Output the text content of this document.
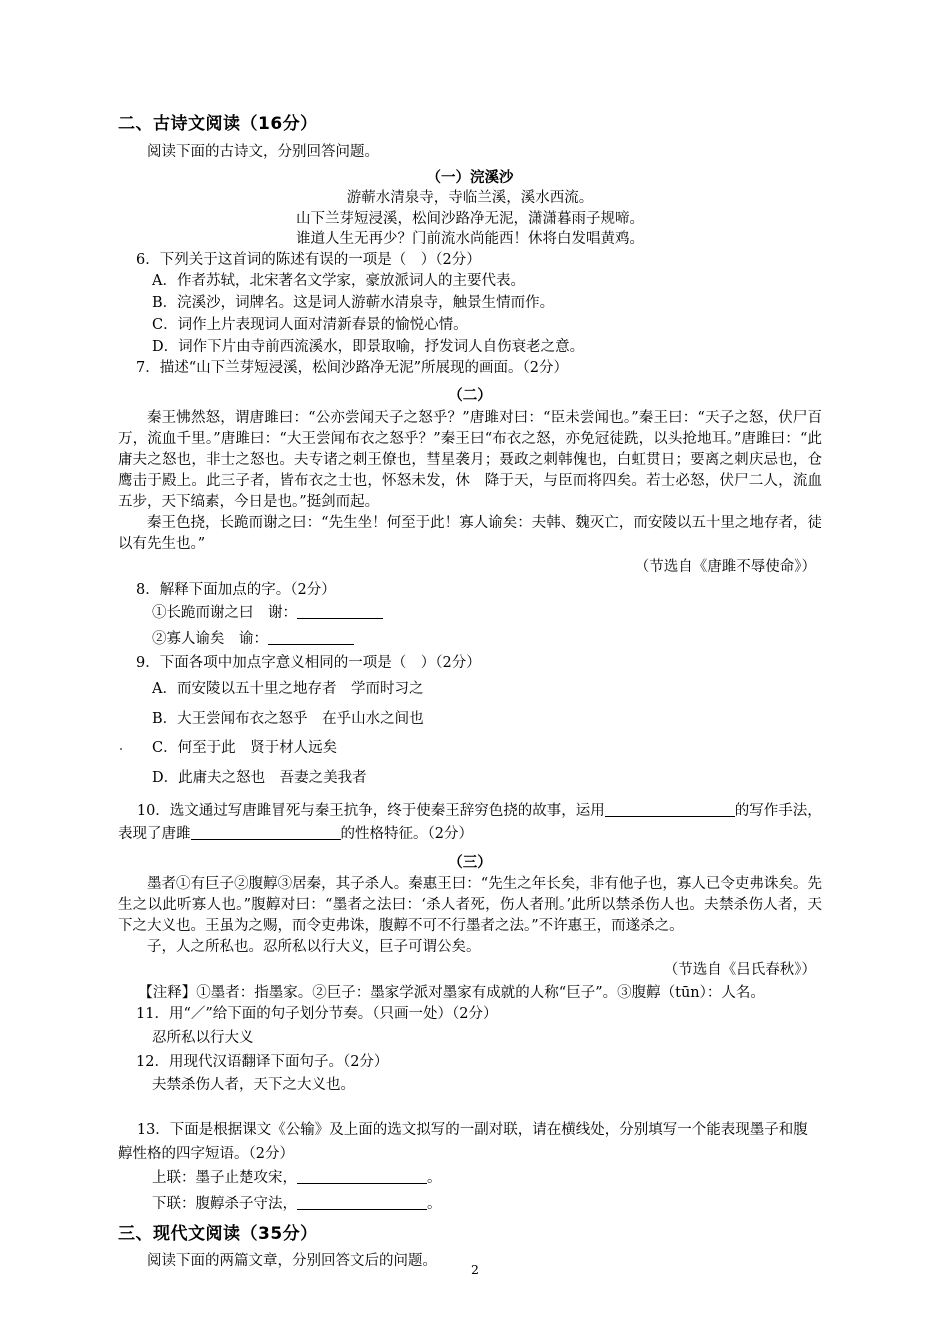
二、古诗文阅读（16分）
阅读下面的古诗文，分别回答问题。
（一）浣溪沙
游蕲水清泉寺，寺临兰溪，溪水西流。
山下兰芽短浸溪，松间沙路净无泥，潇潇暮雨子规啼。
谁道人生无再少？门前流水尚能西！休将白发唱黄鸡。
6．下列关于这首词的陈述有误的一项是（　）（2分）
A．作者苏轼，北宋著名文学家，豪放派词人的主要代表。
B．浣溪沙，词牌名。这是词人游蕲水清泉寺，触景生情而作。
C．词作上片表现词人面对清新春景的愉悦心情。
D．词作下片由寺前西流溪水，即景取喻，抒发词人自伤衰老之意。
7．描述“山下兰芽短浸溪，松间沙路净无泥”所展现的画面。（2分）
（二）
秦王怫然怒，谓唐雎曰：“公亦尝闻天子之怒乎？”唐雎对曰：“臣未尝闻也。”秦王曰：“天子之怒，伏尸百万，流血千里。”唐雎曰：“大王尝闻布衣之怒乎？”秦王曰“布衣之怒，亦免冠徒跣，以头抢地耳。”唐雎曰：“此庸夫之怒也，非士之怒也。夫专诸之刺王僚也，彗星袭月；聂政之刺韩傀也，白虹贯日；要离之刺庆忌也，仓鹰击于殿上。此三子者，皆布衣之士也，怀怒未发，休　降于天，与臣而将四矣。若士必怒，伏尸二人，流血五步，天下缟素，今日是也。”挺剑而起。
秦王色挠，长跪而谢之曰：“先生坐！何至于此！寡人谕矣：夫韩、魏灭亡，而安陵以五十里之地存者，徒以有先生也。”
（节选自《唐雎不辱使命》）
8．解释下面加点的字。（2分）
①长跪而谢之曰　谢：
②寡人谕矣　谕：
9．下面各项中加点字意义相同的一项是（　）（2分）
A．而安陵以五十里之地存者　学而时习之
B．大王尝闻布衣之怒乎　在乎山水之间也
C．何至于此　贤于材人远矣
D．此庸夫之怒也　吾妻之美我者
10．选文通过写唐雎冒死与秦王抗争，终于使秦王辞穷色挠的故事，运用	的写作手法，表现了唐雎	的性格特征。（2分）
（三）
墨者①有巨子②腹䵍③居秦，其子杀人。秦惠王曰：“先生之年长矣，非有他子也，寡人已令吏弗诛矣。先生之以此听寡人也。”腹䵍对曰：“墨者之法曰：‘杀人者死，伤人者刑。’此所以禁杀伤人也。夫禁杀伤人者，天下之大义也。王虽为之赐，而令吏弗诛，腹䵍不可不行墨者之法。”不许惠王，而遂杀之。
子，人之所私也。忍所私以行大义，巨子可谓公矣。
（节选自《吕氏春秋》）
【注释】①墨者：指墨家。②巨子：墨家学派对墨家有成就的人称“巨子”。③腹䵍（tūn）：人名。
11．用“／”给下面的句子划分节奏。（只画一处）（2分）
忍所私以行大义
12．用现代汉语翻译下面句子。（2分）
夫禁杀伤人者，天下之大义也。
13．下面是根据课文《公输》及上面的选文拟写的一副对联，请在横线处，分别填写一个能表现墨子和腹䵍性格的四字短语。（2分）
上联：墨子止楚攻宋，	。
下联：腹䵍杀子守法，	。
三、现代文阅读（35分）
阅读下面的两篇文章，分别回答文后的问题。
2
